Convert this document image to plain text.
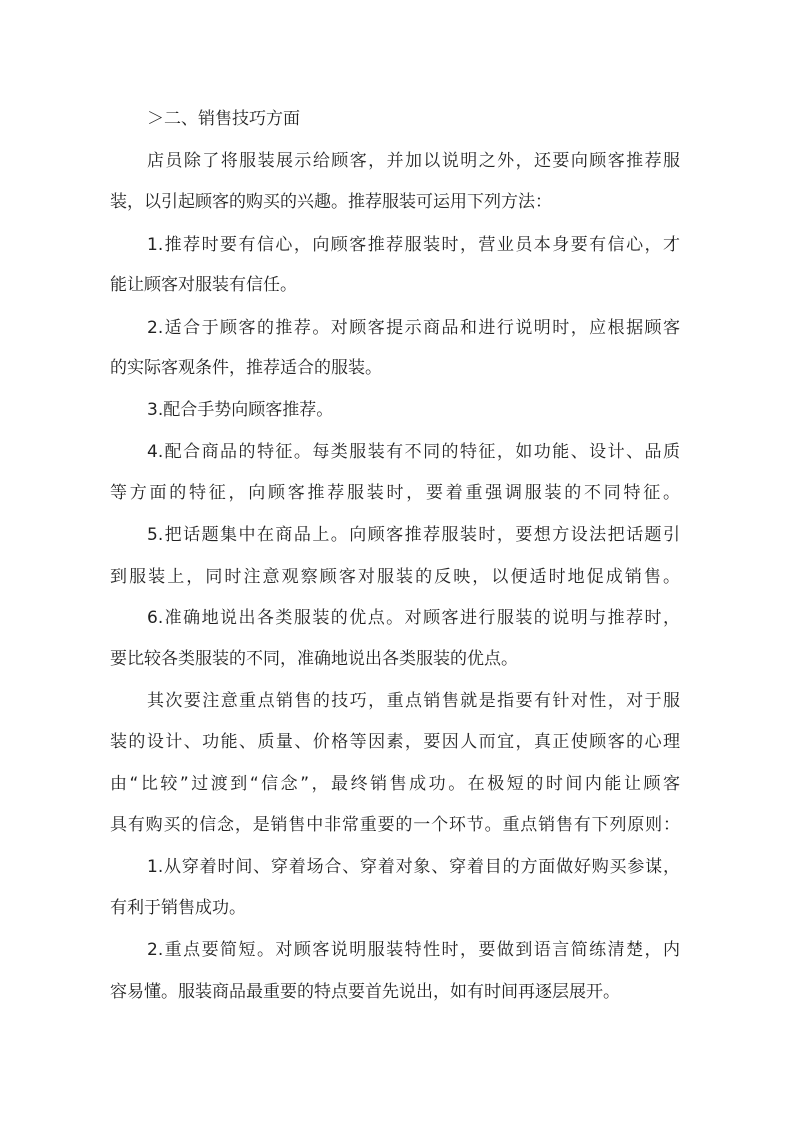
＞二、销售技巧方面
店员除了将服装展示给顾客，并加以说明之外，还要向顾客推荐服
装，以引起顾客的购买的兴趣。推荐服装可运用下列方法：
1.推荐时要有信心，向顾客推荐服装时，营业员本身要有信心，才
能让顾客对服装有信任。
2.适合于顾客的推荐。对顾客提示商品和进行说明时，应根据顾客
的实际客观条件，推荐适合的服装。
3.配合手势向顾客推荐。
4.配合商品的特征。每类服装有不同的特征，如功能、设计、品质
等方面的特征，向顾客推荐服装时，要着重强调服装的不同特征。
5.把话题集中在商品上。向顾客推荐服装时，要想方设法把话题引
到服装上，同时注意观察顾客对服装的反映，以便适时地促成销售。
6.准确地说出各类服装的优点。对顾客进行服装的说明与推荐时，
要比较各类服装的不同，准确地说出各类服装的优点。
其次要注意重点销售的技巧，重点销售就是指要有针对性，对于服
装的设计、功能、质量、价格等因素，要因人而宜，真正使顾客的心理
由“比较”过渡到“信念”，最终销售成功。在极短的时间内能让顾客
具有购买的信念，是销售中非常重要的一个环节。重点销售有下列原则：
1.从穿着时间、穿着场合、穿着对象、穿着目的方面做好购买参谋，
有利于销售成功。
2.重点要简短。对顾客说明服装特性时，要做到语言简练清楚，内
容易懂。服装商品最重要的特点要首先说出，如有时间再逐层展开。
